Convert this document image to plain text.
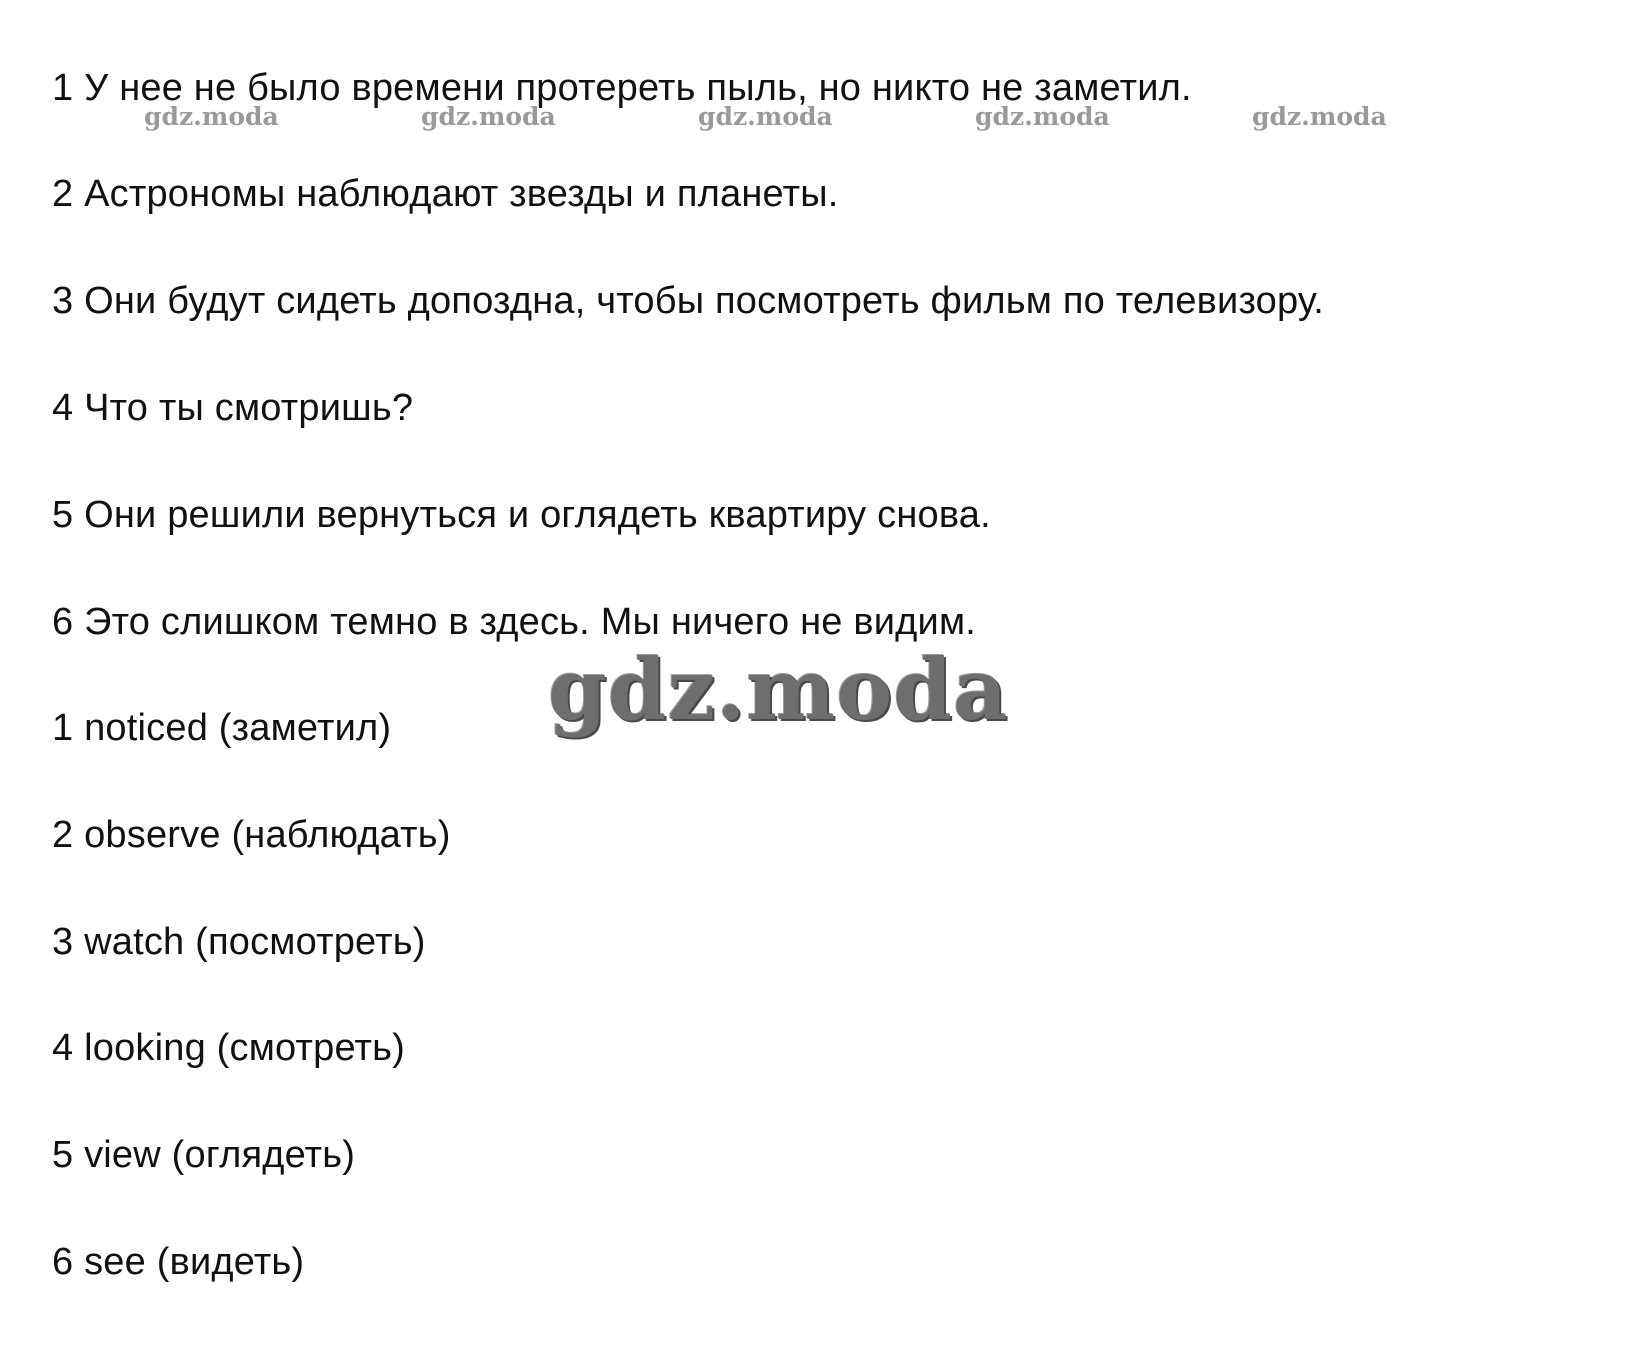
1 У нее не было времени протереть пыль, но никто не заметил.
gdz.moda	gdz.moda	gdz.moda	gdz.moda	gdz.moda
2 Астрономы наблюдают звезды и планеты.
3 Они будут сидеть допоздна, чтобы посмотреть фильм по телевизору.
4 Что ты смотришь?
5 Они решили вернуться и оглядеть квартиру снова.
6 Это слишком темно в здесь. Мы ничего не видим.
gdz.moda
1 noticed (заметил)
2 observe (наблюдать)
3 watch (посмотреть)
4 looking (смотреть)
5 view (оглядеть)
6 see (видеть)
